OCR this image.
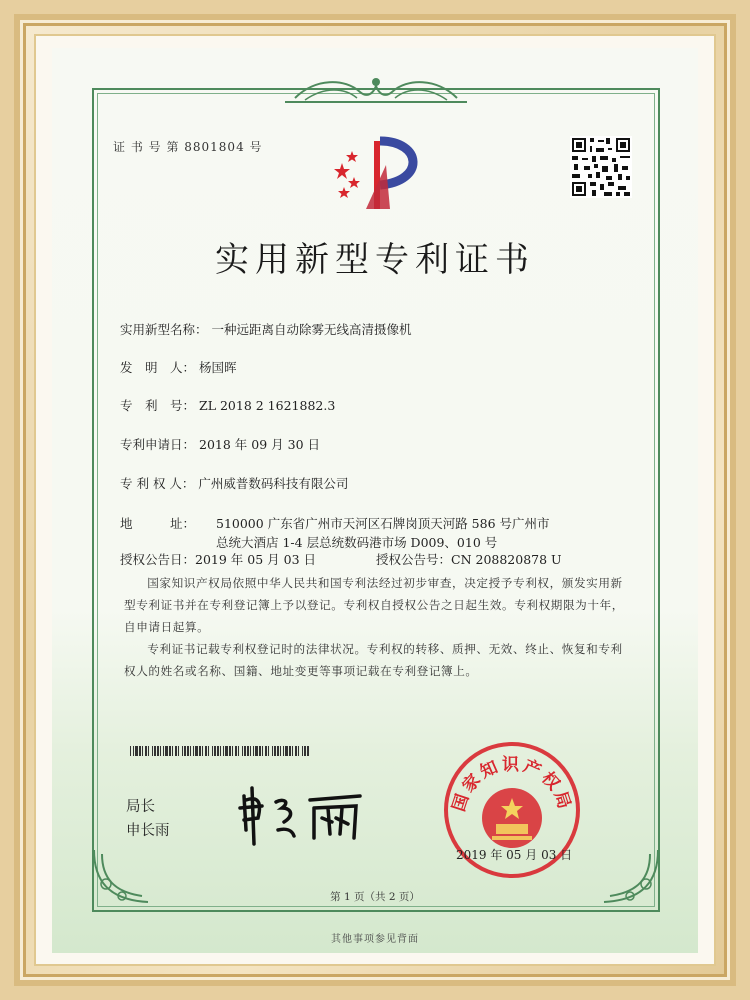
证 书 号 第 8801804 号
实用新型专利证书
实用新型名称： 一种远距离自动除雾无线高清摄像机
发　明　人： 杨国晖
专　利　号： ZL 2018 2 1621882.3
专利申请日： 2018 年 09 月 30 日
专 利 权 人： 广州威普数码科技有限公司
地　　　址： 510000 广东省广州市天河区石牌岗顶天河路 586 号广州市
总统大酒店 1-4 层总统数码港市场 D009、010 号
授权公告日：2019 年 05 月 03 日	授权公告号：CN 208820878 U
国家知识产权局依照中华人民共和国专利法经过初步审查，决定授予专利权，颁发实用新型专利证书并在专利登记簿上予以登记。专利权自授权公告之日起生效。专利权期限为十年，自申请日起算。
专利证书记载专利权登记时的法律状况。专利权的转移、质押、无效、终止、恢复和专利权人的姓名或名称、国籍、地址变更等事项记载在专利登记簿上。
局长
申长雨
国家知识产权局
2019 年 05 月 03 日
第 1 页（共 2 页）
其他事项参见背面
